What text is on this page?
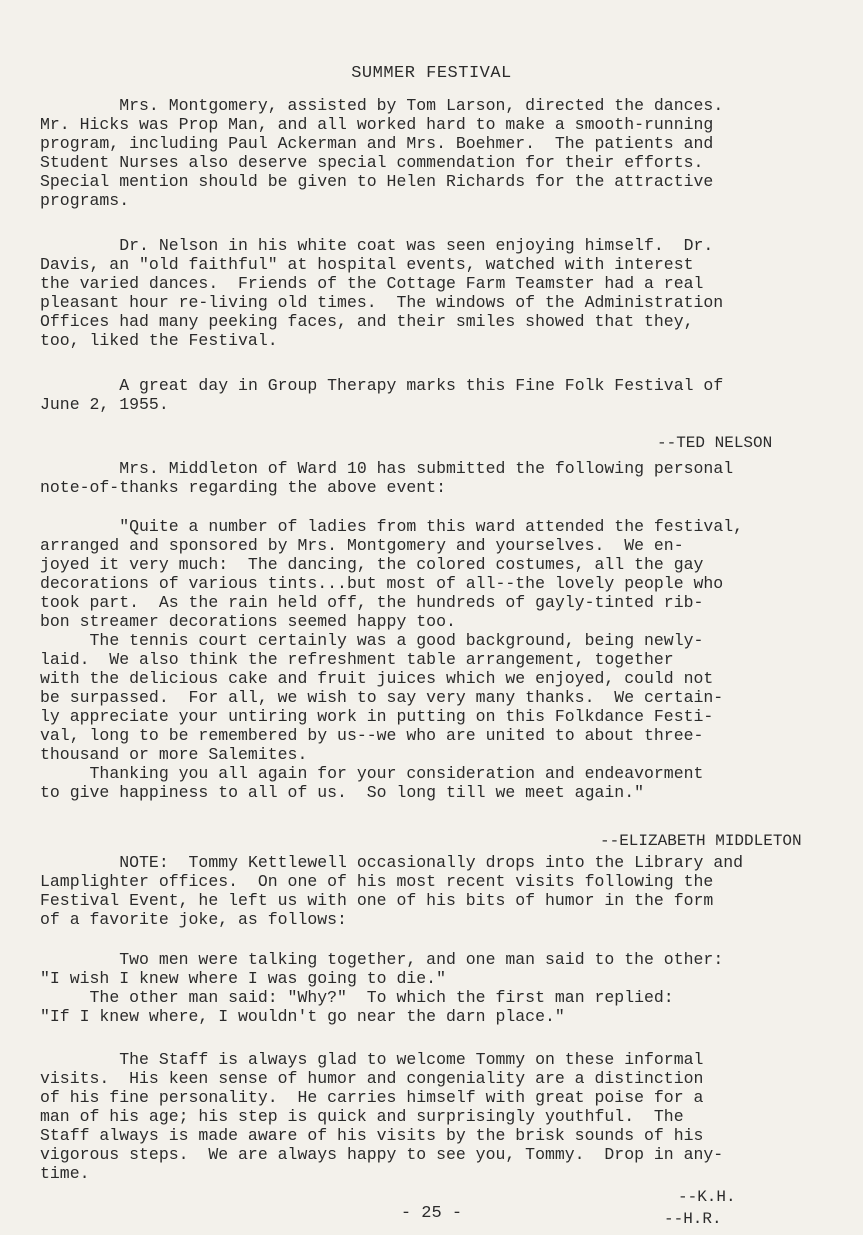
SUMMER FESTIVAL
Mrs. Montgomery, assisted by Tom Larson, directed the dances.
Mr. Hicks was Prop Man, and all worked hard to make a smooth-running
program, including Paul Ackerman and Mrs. Boehmer.  The patients and
Student Nurses also deserve special commendation for their efforts.
Special mention should be given to Helen Richards for the attractive
programs.
Dr. Nelson in his white coat was seen enjoying himself.  Dr.
Davis, an "old faithful" at hospital events, watched with interest
the varied dances.  Friends of the Cottage Farm Teamster had a real
pleasant hour re-living old times.  The windows of the Administration
Offices had many peeking faces, and their smiles showed that they,
too, liked the Festival.
A great day in Group Therapy marks this Fine Folk Festival of
June 2, 1955.
--TED NELSON
Mrs. Middleton of Ward 10 has submitted the following personal
note-of-thanks regarding the above event:
"Quite a number of ladies from this ward attended the festival,
arranged and sponsored by Mrs. Montgomery and yourselves.  We en-
joyed it very much:  The dancing, the colored costumes, all the gay
decorations of various tints...but most of all--the lovely people who
took part.  As the rain held off, the hundreds of gayly-tinted rib-
bon streamer decorations seemed happy too.
The tennis court certainly was a good background, being newly-
laid.  We also think the refreshment table arrangement, together
with the delicious cake and fruit juices which we enjoyed, could not
be surpassed.  For all, we wish to say very many thanks.  We certain-
ly appreciate your untiring work in putting on this Folkdance Festi-
val, long to be remembered by us--we who are united to about three-
thousand or more Salemites.
Thanking you all again for your consideration and endeavorment
to give happiness to all of us.  So long till we meet again."
--ELIZABETH MIDDLETON
NOTE:  Tommy Kettlewell occasionally drops into the Library and
Lamplighter offices.  On one of his most recent visits following the
Festival Event, he left us with one of his bits of humor in the form
of a favorite joke, as follows:
Two men were talking together, and one man said to the other:
"I wish I knew where I was going to die."
The other man said: "Why?"  To which the first man replied:
"If I knew where, I wouldn't go near the darn place."
The Staff is always glad to welcome Tommy on these informal
visits.  His keen sense of humor and congeniality are a distinction
of his fine personality.  He carries himself with great poise for a
man of his age; his step is quick and surprisingly youthful.  The
Staff always is made aware of his visits by the brisk sounds of his
vigorous steps.  We are always happy to see you, Tommy.  Drop in any-
time.
--K.H.
--H.R.
- 25 -
